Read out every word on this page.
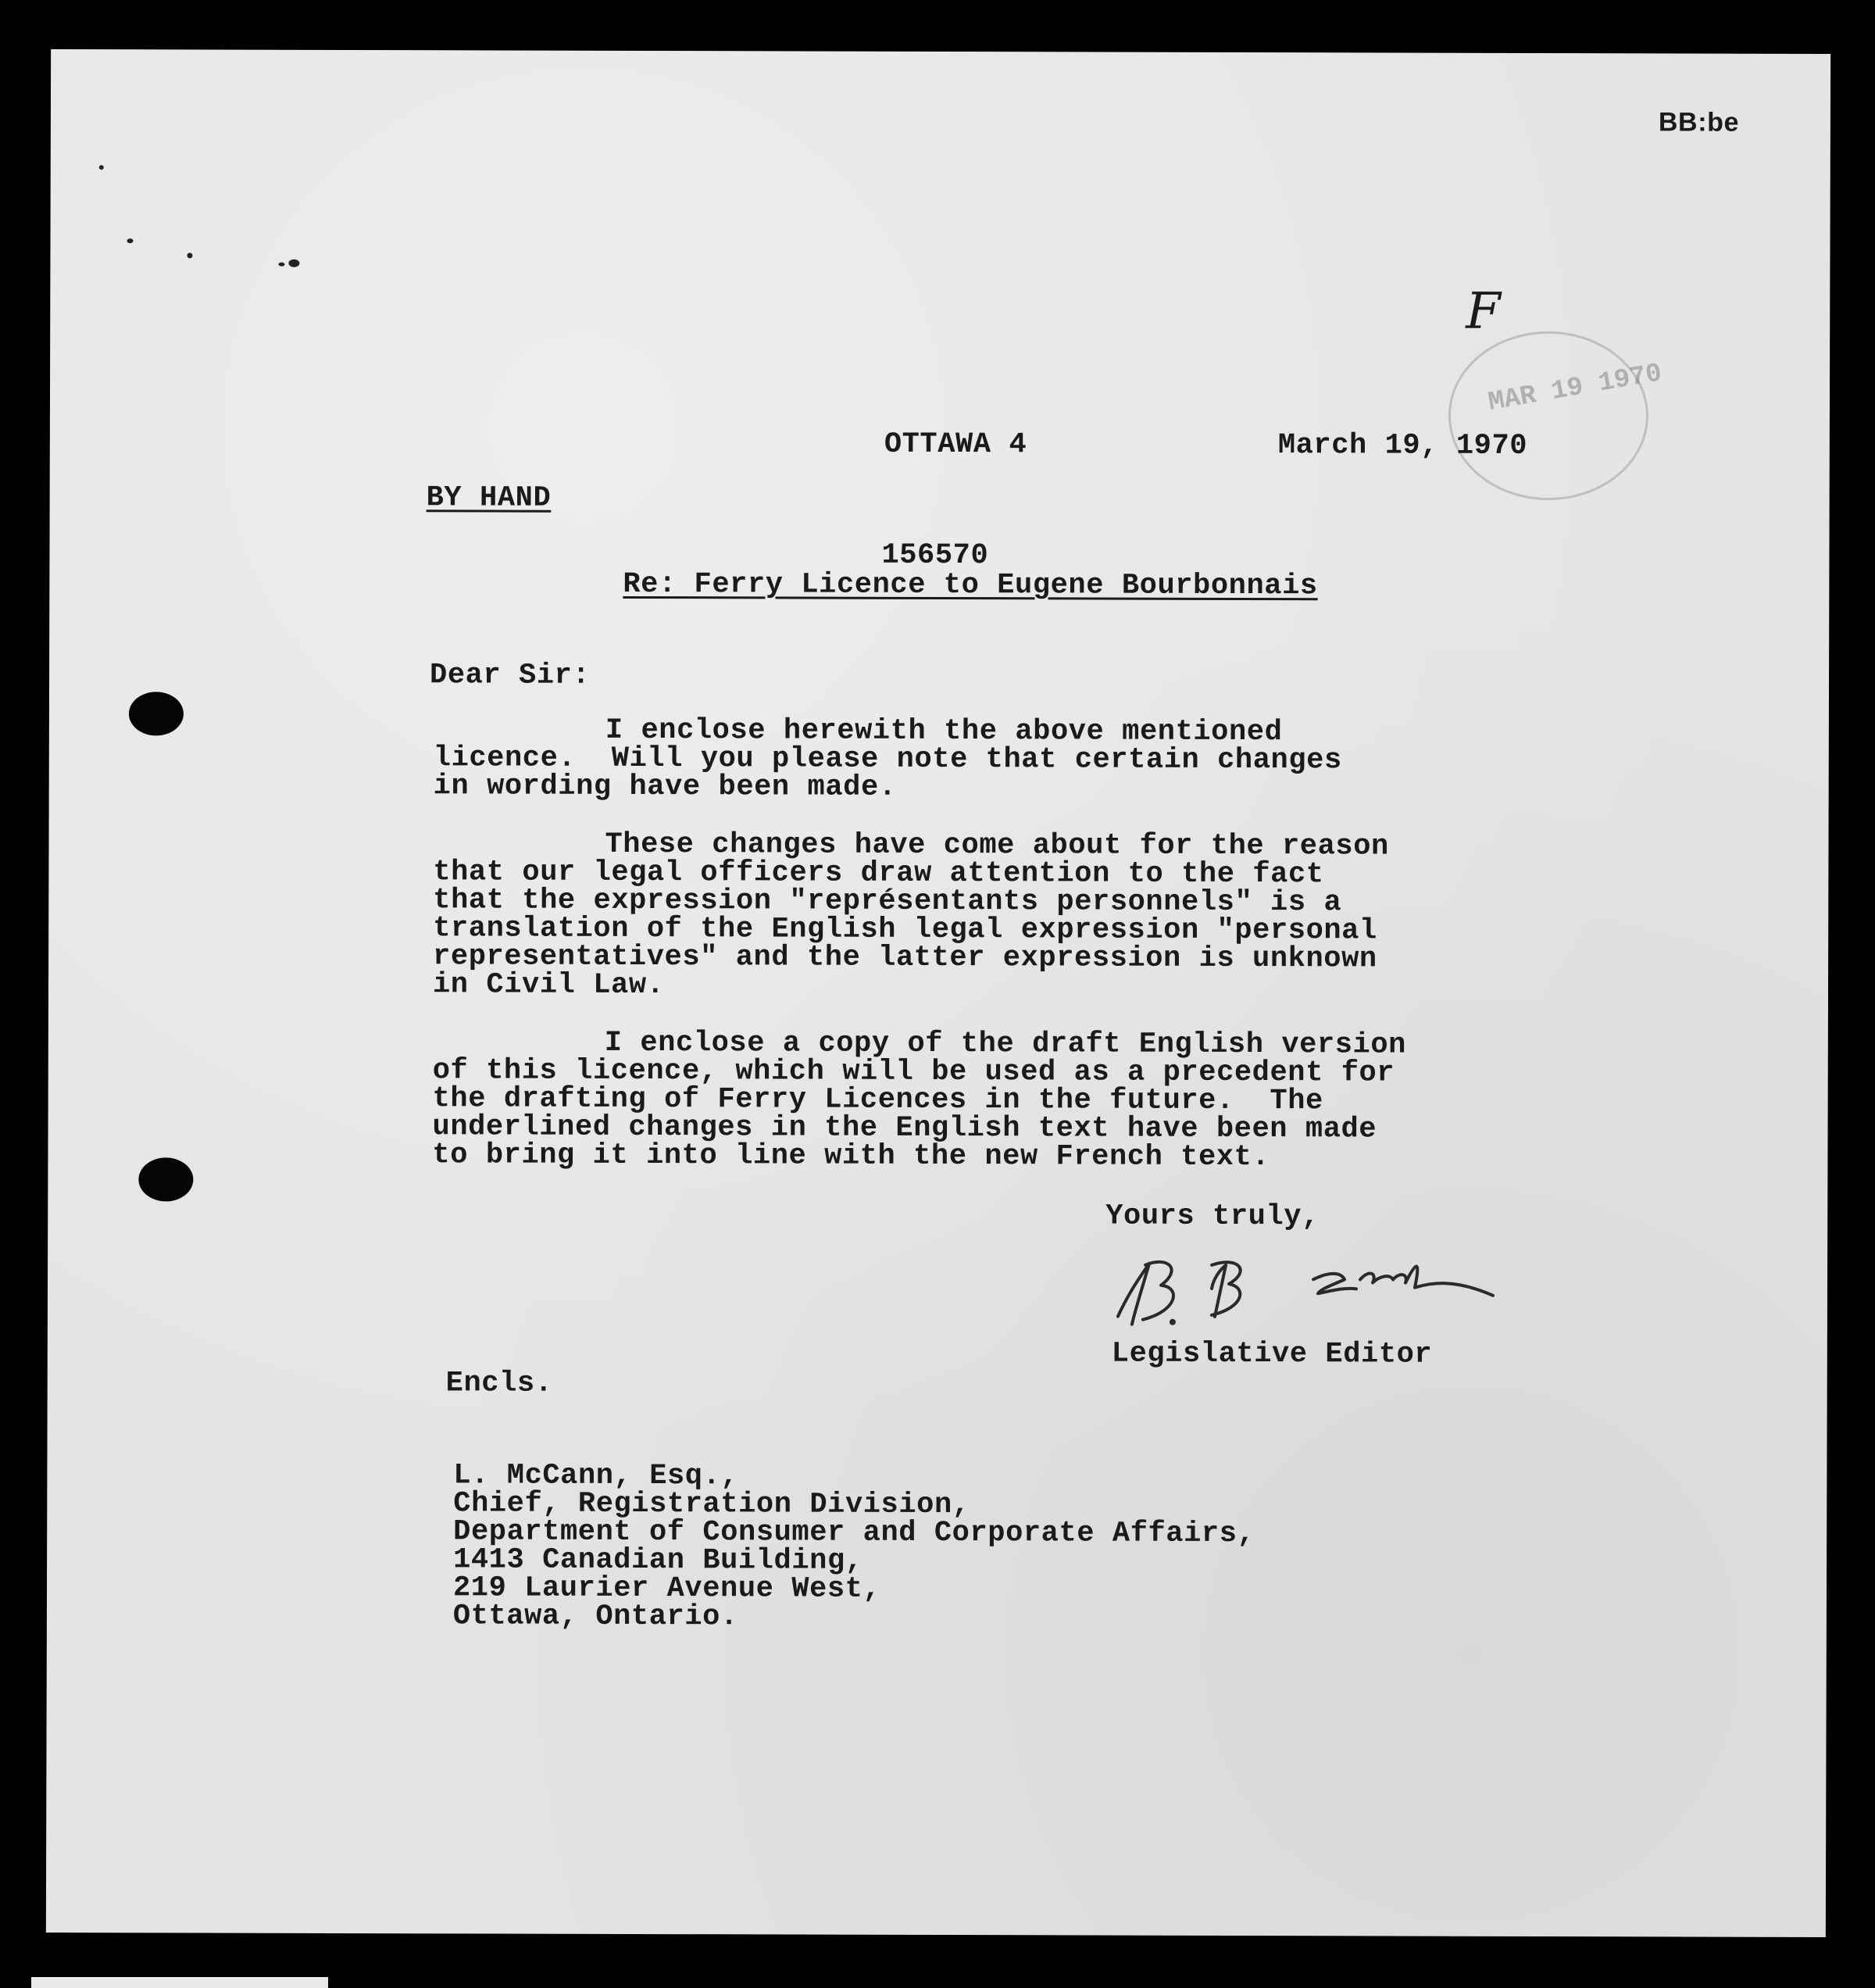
BB:be
F
MAR 19 1970
OTTAWA 4	March 19, 1970
BY HAND
156570
Re: Ferry Licence to Eugene Bourbonnais
Dear Sir:
I enclose herewith the above mentioned
licence.  Will you please note that certain changes
in wording have been made.
These changes have come about for the reason
that our legal officers draw attention to the fact
that the expression "représentants personnels" is a
translation of the English legal expression "personal
representatives" and the latter expression is unknown
in Civil Law.
I enclose a copy of the draft English version
of this licence, which will be used as a precedent for
the drafting of Ferry Licences in the future.  The
underlined changes in the English text have been made
to bring it into line with the new French text.
Yours truly,
Legislative Editor
Encls.
L. McCann, Esq.,
Chief, Registration Division,
Department of Consumer and Corporate Affairs,
1413 Canadian Building,
219 Laurier Avenue West,
Ottawa, Ontario.
